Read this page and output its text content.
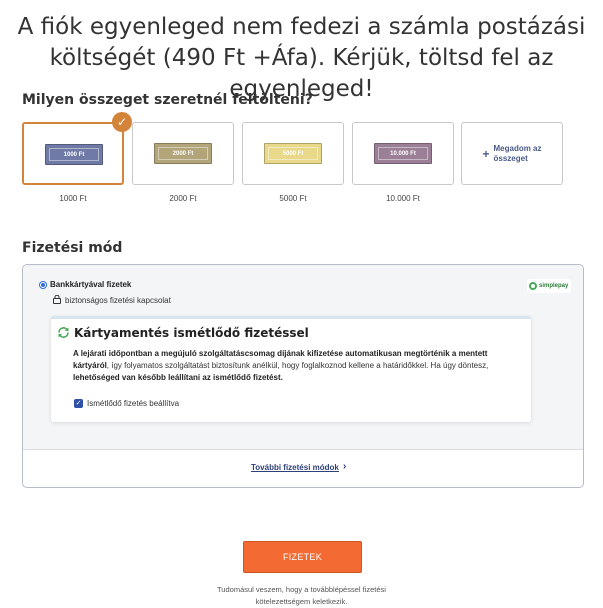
A fiók egyenleged nem fedezi a számla postázási
költségét (490 Ft +Áfa). Kérjük, töltsd fel az egyenleged!
Milyen összeget szeretnél feltölteni?
1000 Ft
✓
1000 Ft
2000 Ft
2000 Ft
5000 Ft
5000 Ft
10.000 Ft
10.000 Ft
+ Megadom az összeget
Fizetési mód
Bankkártyával fizetek
biztonságos fizetési kapcsolat
simplepay
Kártyamentés ismétlődő fizetéssel
A lejárati időpontban a megújuló szolgáltatáscsomag díjának kifizetése automatikusan megtörténik a mentett kártyáról, így folyamatos szolgáltatást biztosítunk anélkül, hogy foglalkoznod kellene a határidőkkel. Ha úgy döntesz, lehetőséged van később leállítani az ismétlődő fizetést.
✓ Ismétlődő fizetés beállítva
További fizetési módok ›
FIZETEK
Tudomásul veszem, hogy a továbblépéssel fizetési kötelezettségem keletkezik.
